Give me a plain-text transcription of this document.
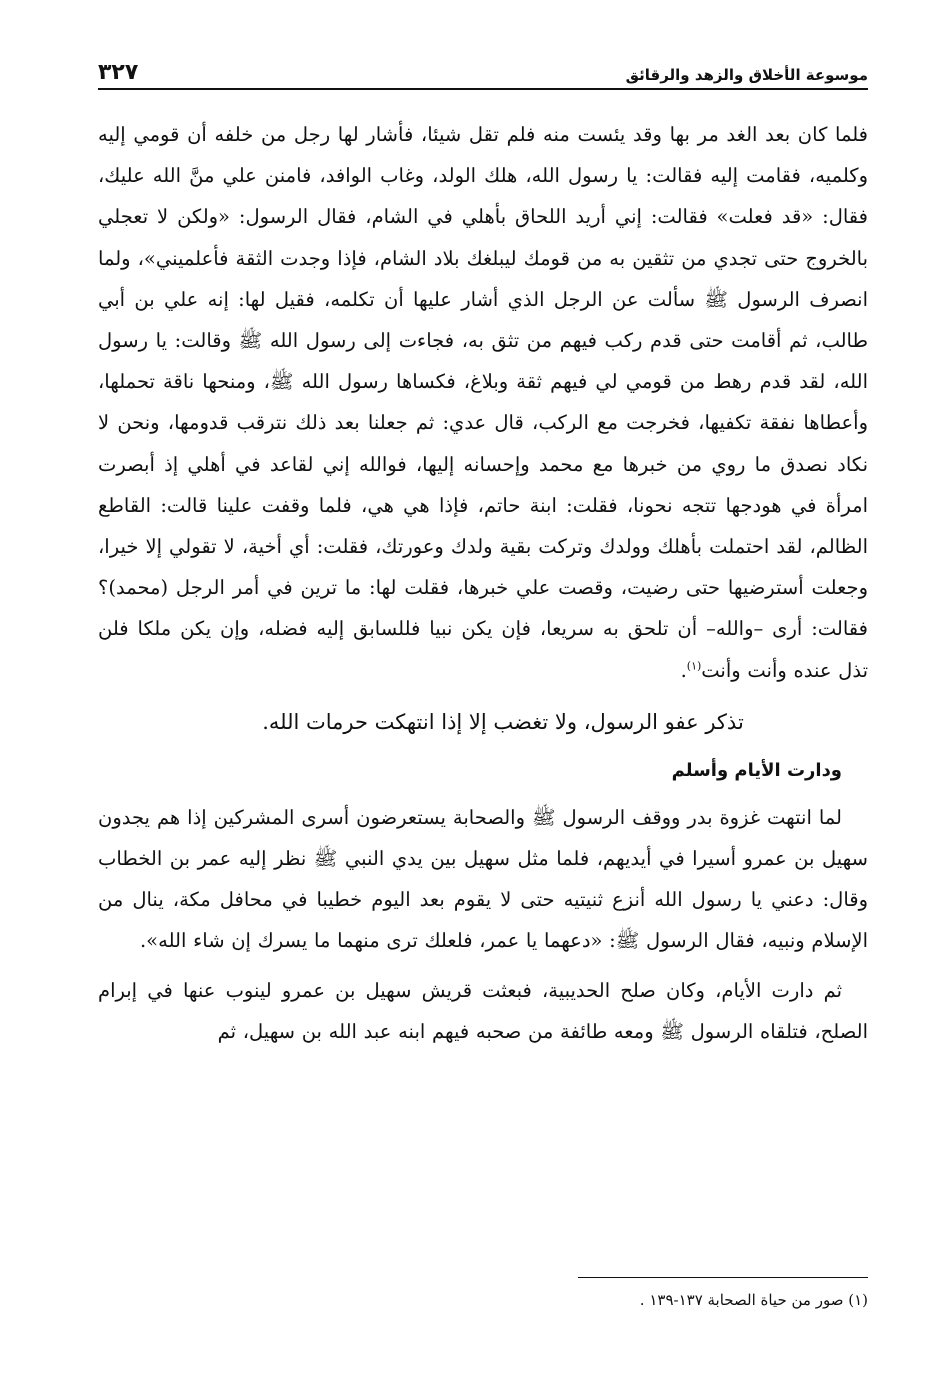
موسوعة الأخلاق والزهد والرقائق
٣٢٧

فلما كان بعد الغد مر بها وقد يئست منه فلم تقل شيئا، فأشار لها رجل من خلفه أن قومي إليه وكلميه، فقامت إليه فقالت: يا رسول الله، هلك الولد، وغاب الوافد، فامنن علي منَّ الله عليك، فقال: «قد فعلت» فقالت: إني أريد اللحاق بأهلي في الشام، فقال الرسول: «ولكن لا تعجلي بالخروج حتى تجدي من تثقين به من قومك ليبلغك بلاد الشام، فإذا وجدت الثقة فأعلميني»، ولما انصرف الرسول ﷺ سألت عن الرجل الذي أشار عليها أن تكلمه، فقيل لها: إنه علي بن أبي طالب، ثم أقامت حتى قدم ركب فيهم من تثق به، فجاءت إلى رسول الله ﷺ وقالت: يا رسول الله، لقد قدم رهط من قومي لي فيهم ثقة وبلاغ، فكساها رسول الله ﷺ، ومنحها ناقة تحملها، وأعطاها نفقة تكفيها، فخرجت مع الركب، قال عدي: ثم جعلنا بعد ذلك نترقب قدومها، ونحن لا نكاد نصدق ما روي من خبرها مع محمد وإحسانه إليها، فوالله إني لقاعد في أهلي إذ أبصرت امرأة في هودجها تتجه نحونا، فقلت: ابنة حاتم، فإذا هي هي، فلما وقفت علينا قالت: القاطع الظالم، لقد احتملت بأهلك وولدك وتركت بقية ولدك وعورتك، فقلت: أي أخية، لا تقولي إلا خيرا، وجعلت أسترضيها حتى رضيت، وقصت علي خبرها، فقلت لها: ما ترين في أمر الرجل (محمد)؟ فقالت: أرى –والله– أن تلحق به سريعا، فإن يكن نبيا فللسابق إليه فضله، وإن يكن ملكا فلن تذل عنده وأنت وأنت$^{(١)}$.

تذكر عفو الرسول، ولا تغضب إلا إذا انتهكت حرمات الله.

ودارت الأيام وأسلم

لما انتهت غزوة بدر ووقف الرسول ﷺ والصحابة يستعرضون أسرى المشركين إذا هم يجدون سهيل بن عمرو أسيرا في أيديهم، فلما مثل سهيل بين يدي النبي ﷺ نظر إليه عمر بن الخطاب وقال: دعني يا رسول الله أنزع ثنيتيه حتى لا يقوم بعد اليوم خطيبا في محافل مكة، ينال من الإسلام ونبيه، فقال الرسول ﷺ: «دعهما يا عمر، فلعلك ترى منهما ما يسرك إن شاء الله».

ثم دارت الأيام، وكان صلح الحديبية، فبعثت قريش سهيل بن عمرو لينوب عنها في إبرام الصلح، فتلقاه الرسول ﷺ ومعه طائفة من صحبه فيهم ابنه عبد الله بن سهيل، ثم

(١) صور من حياة الصحابة ١٣٧-١٣٩ .
